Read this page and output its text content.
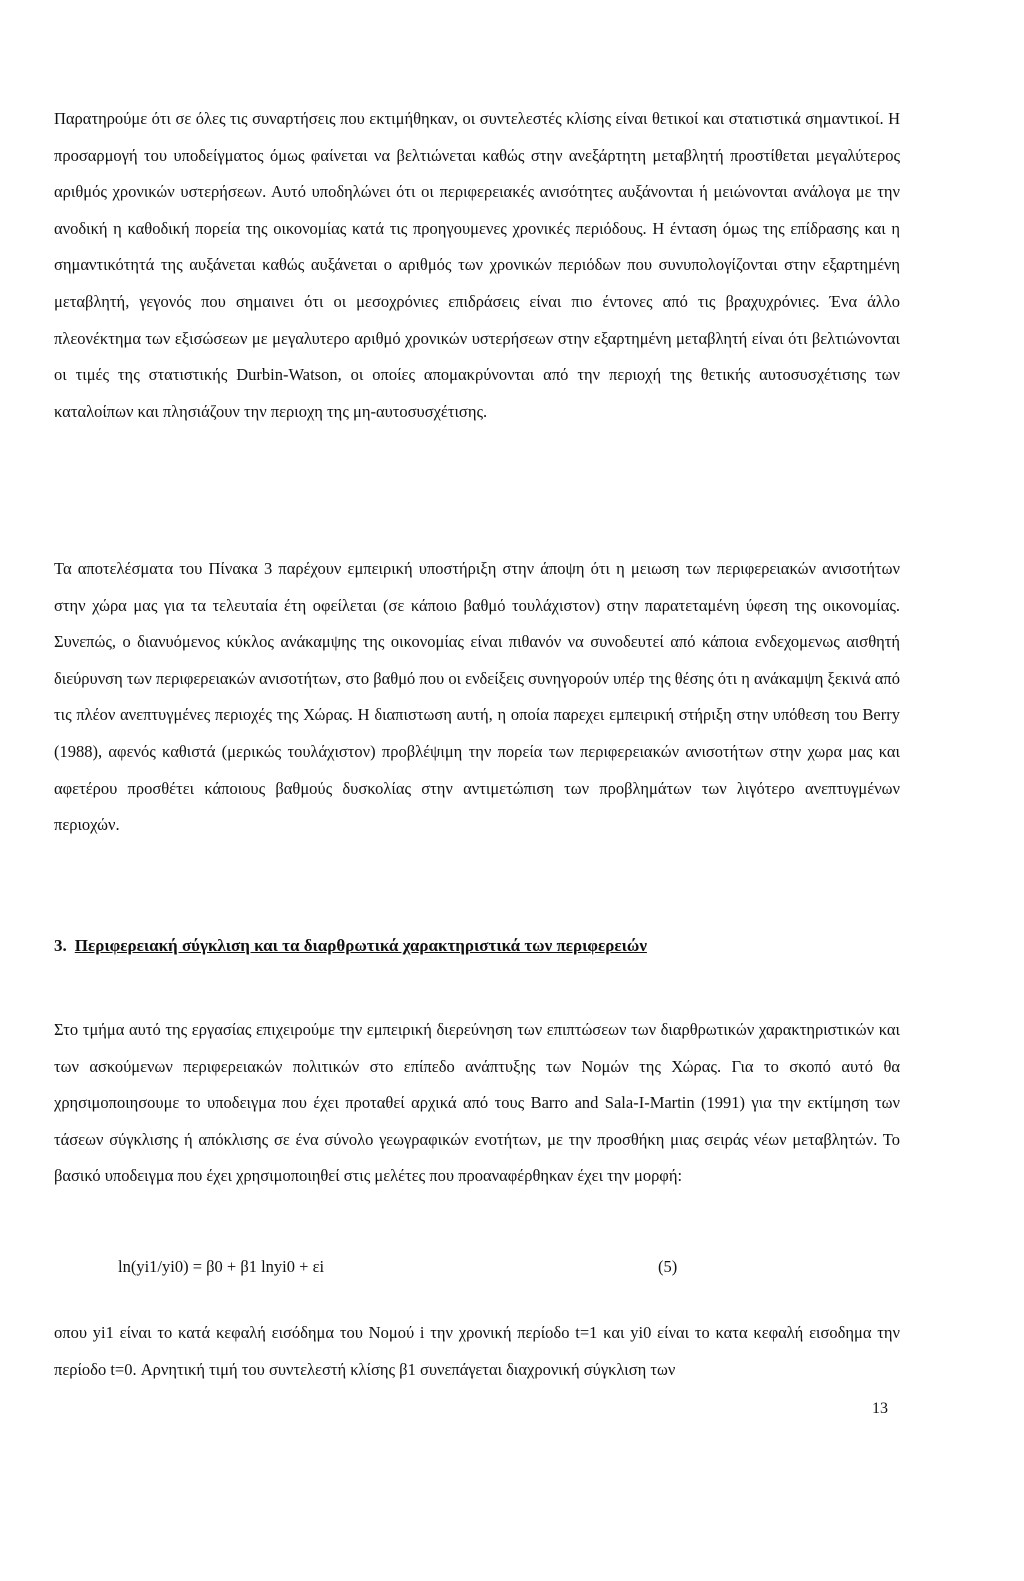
Παρατηρούμε ότι σε όλες τις συναρτήσεις που εκτιμήθηκαν, οι συντελεστές κλίσης είναι θετικοί και στατιστικά σημαντικοί. Η προσαρμογή του υποδείγματος όμως φαίνεται να βελτιώνεται καθώς στην ανεξάρτητη μεταβλητή προστίθεται μεγαλύτερος αριθμός χρονικών υστερήσεων. Αυτό υποδηλώνει ότι οι περιφερειακές ανισότητες αυξάνονται ή μειώνονται ανάλογα με την ανοδική η καθοδική πορεία της οικονομίας κατά τις προηγουμενες χρονικές περιόδους. Η ένταση όμως της επίδρασης και η σημαντικότητά της αυξάνεται καθώς αυξάνεται ο αριθμός των χρονικών περιόδων που συνυπολογίζονται στην εξαρτημένη μεταβλητή, γεγονός που σημαινει ότι οι μεσοχρόνιες επιδράσεις είναι πιο έντονες από τις βραχυχρόνιες. Ένα άλλο πλεονέκτημα των εξισώσεων με μεγαλυτερο αριθμό χρονικών υστερήσεων στην εξαρτημένη μεταβλητή είναι ότι βελτιώνονται οι τιμές της στατιστικής Durbin-Watson, οι οποίες απομακρύνονται από την περιοχή της θετικής αυτοσυσχέτισης των καταλοίπων και πλησιάζουν την περιοχη της μη-αυτοσυσχέτισης.

Τα αποτελέσματα του Πίνακα 3 παρέχουν εμπειρική υποστήριξη στην άποψη ότι η μειωση των περιφερειακών ανισοτήτων στην χώρα μας για τα τελευταία έτη οφείλεται (σε κάποιο βαθμό τουλάχιστον) στην παρατεταμένη ύφεση της οικονομίας. Συνεπώς, ο διανυόμενος κύκλος ανάκαμψης της οικονομίας είναι πιθανόν να συνοδευτεί από κάποια ενδεχομενως αισθητή διεύρυνση των περιφερειακών ανισοτήτων, στο βαθμό που οι ενδείξεις συνηγορούν υπέρ της θέσης ότι η ανάκαμψη ξεκινά από τις πλέον ανεπτυγμένες περιοχές της Χώρας. Η διαπιστωση αυτή, η οποία παρεχει εμπειρική στήριξη στην υπόθεση του Berry (1988), αφενός καθιστά (μερικώς τουλάχιστον) προβλέψιμη την πορεία των περιφερειακών ανισοτήτων στην χωρα μας και αφετέρου προσθέτει κάποιους βαθμούς δυσκολίας στην αντιμετώπιση των προβλημάτων των λιγότερο ανεπτυγμένων περιοχών.

3. Περιφερειακή σύγκλιση και τα διαρθρωτικά χαρακτηριστικά των περιφερειών

Στο τμήμα αυτό της εργασίας επιχειρούμε την εμπειρική διερεύνηση των επιπτώσεων των διαρθρωτικών χαρακτηριστικών και των ασκούμενων περιφερειακών πολιτικών στο επίπεδο ανάπτυξης των Νομών της Χώρας. Για το σκοπό αυτό θα χρησιμοποιησουμε το υποδειγμα που έχει προταθεί αρχικά από τους Barro and Sala-I-Martin (1991) για την εκτίμηση των τάσεων σύγκλισης ή απόκλισης σε ένα σύνολο γεωγραφικών ενοτήτων, με την προσθήκη μιας σειράς νέων μεταβλητών. Το βασικό υποδειγμα που έχει χρησιμοποιηθεί στις μελέτες που προαναφέρθηκαν έχει την μορφή:

ln(yi1/yi0) = β0 + β1 lnyi0 + εi	(5)

οπου yi1 είναι το κατά κεφαλή εισόδημα του Νομού i την χρονική περίοδο t=1 και yi0 είναι το κατα κεφαλή εισοδημα την περίοδο t=0. Αρνητική τιμή του συντελεστή κλίσης β1 συνεπάγεται διαχρονική σύγκλιση των

13
